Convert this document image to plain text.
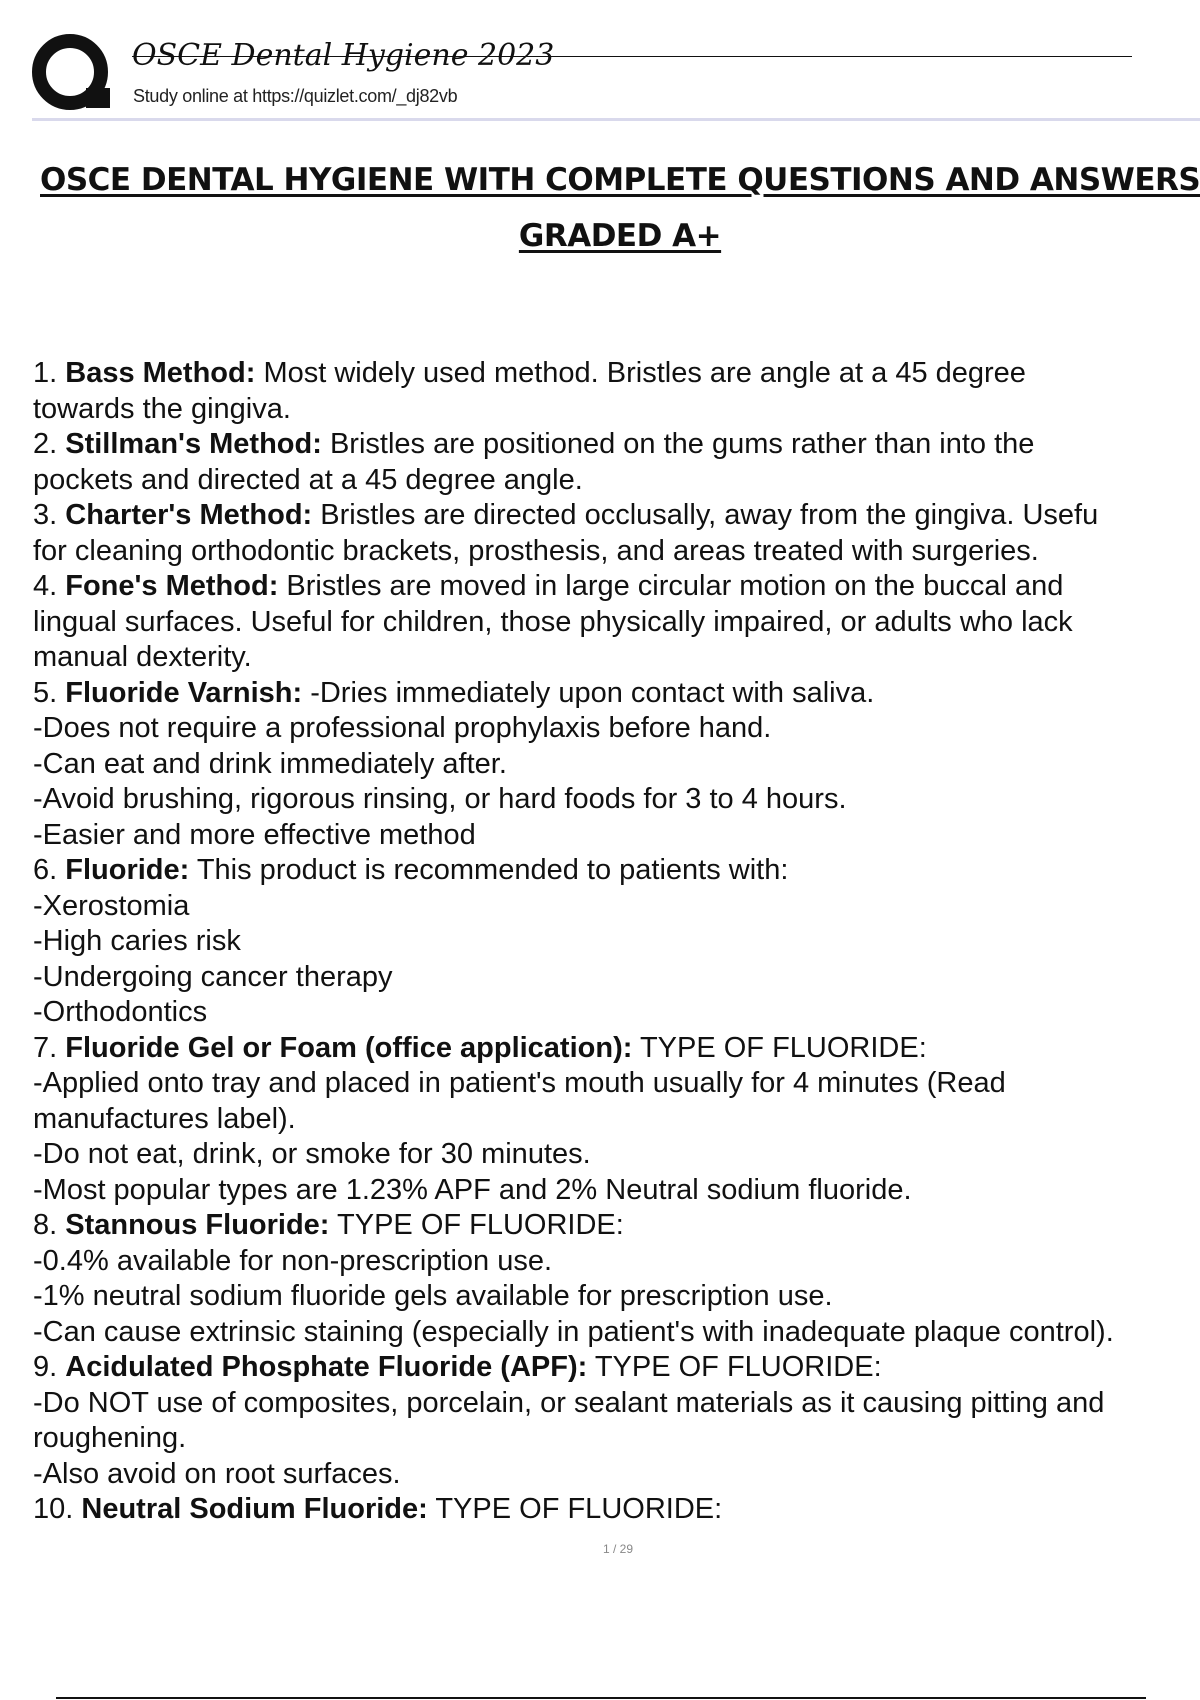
OSCE Dental Hygiene 2023
Study online at https://quizlet.com/_dj82vb
OSCE DENTAL HYGIENE WITH COMPLETE QUESTIONS AND ANSWERS
GRADED A+
1. Bass Method: Most widely used method. Bristles are angle at a 45 degree
towards the gingiva.
2. Stillman's Method: Bristles are positioned on the gums rather than into the
pockets and directed at a 45 degree angle.
3. Charter's Method: Bristles are directed occlusally, away from the gingiva. Usefu
for cleaning orthodontic brackets, prosthesis, and areas treated with surgeries.
4. Fone's Method: Bristles are moved in large circular motion on the buccal and
lingual surfaces. Useful for children, those physically impaired, or adults who lack
manual dexterity.
5. Fluoride Varnish: -Dries immediately upon contact with saliva.
-Does not require a professional prophylaxis before hand.
-Can eat and drink immediately after.
-Avoid brushing, rigorous rinsing, or hard foods for 3 to 4 hours.
-Easier and more effective method
6. Fluoride: This product is recommended to patients with:
-Xerostomia
-High caries risk
-Undergoing cancer therapy
-Orthodontics
7. Fluoride Gel or Foam (office application): TYPE OF FLUORIDE:
-Applied onto tray and placed in patient's mouth usually for 4 minutes (Read
manufactures label).
-Do not eat, drink, or smoke for 30 minutes.
-Most popular types are 1.23% APF and 2% Neutral sodium fluoride.
8. Stannous Fluoride: TYPE OF FLUORIDE:
-0.4% available for non-prescription use.
-1% neutral sodium fluoride gels available for prescription use.
-Can cause extrinsic staining (especially in patient's with inadequate plaque control).
9. Acidulated Phosphate Fluoride (APF): TYPE OF FLUORIDE:
-Do NOT use of composites, porcelain, or sealant materials as it causing pitting and
roughening.
-Also avoid on root surfaces.
10. Neutral Sodium Fluoride: TYPE OF FLUORIDE:
1 / 29
